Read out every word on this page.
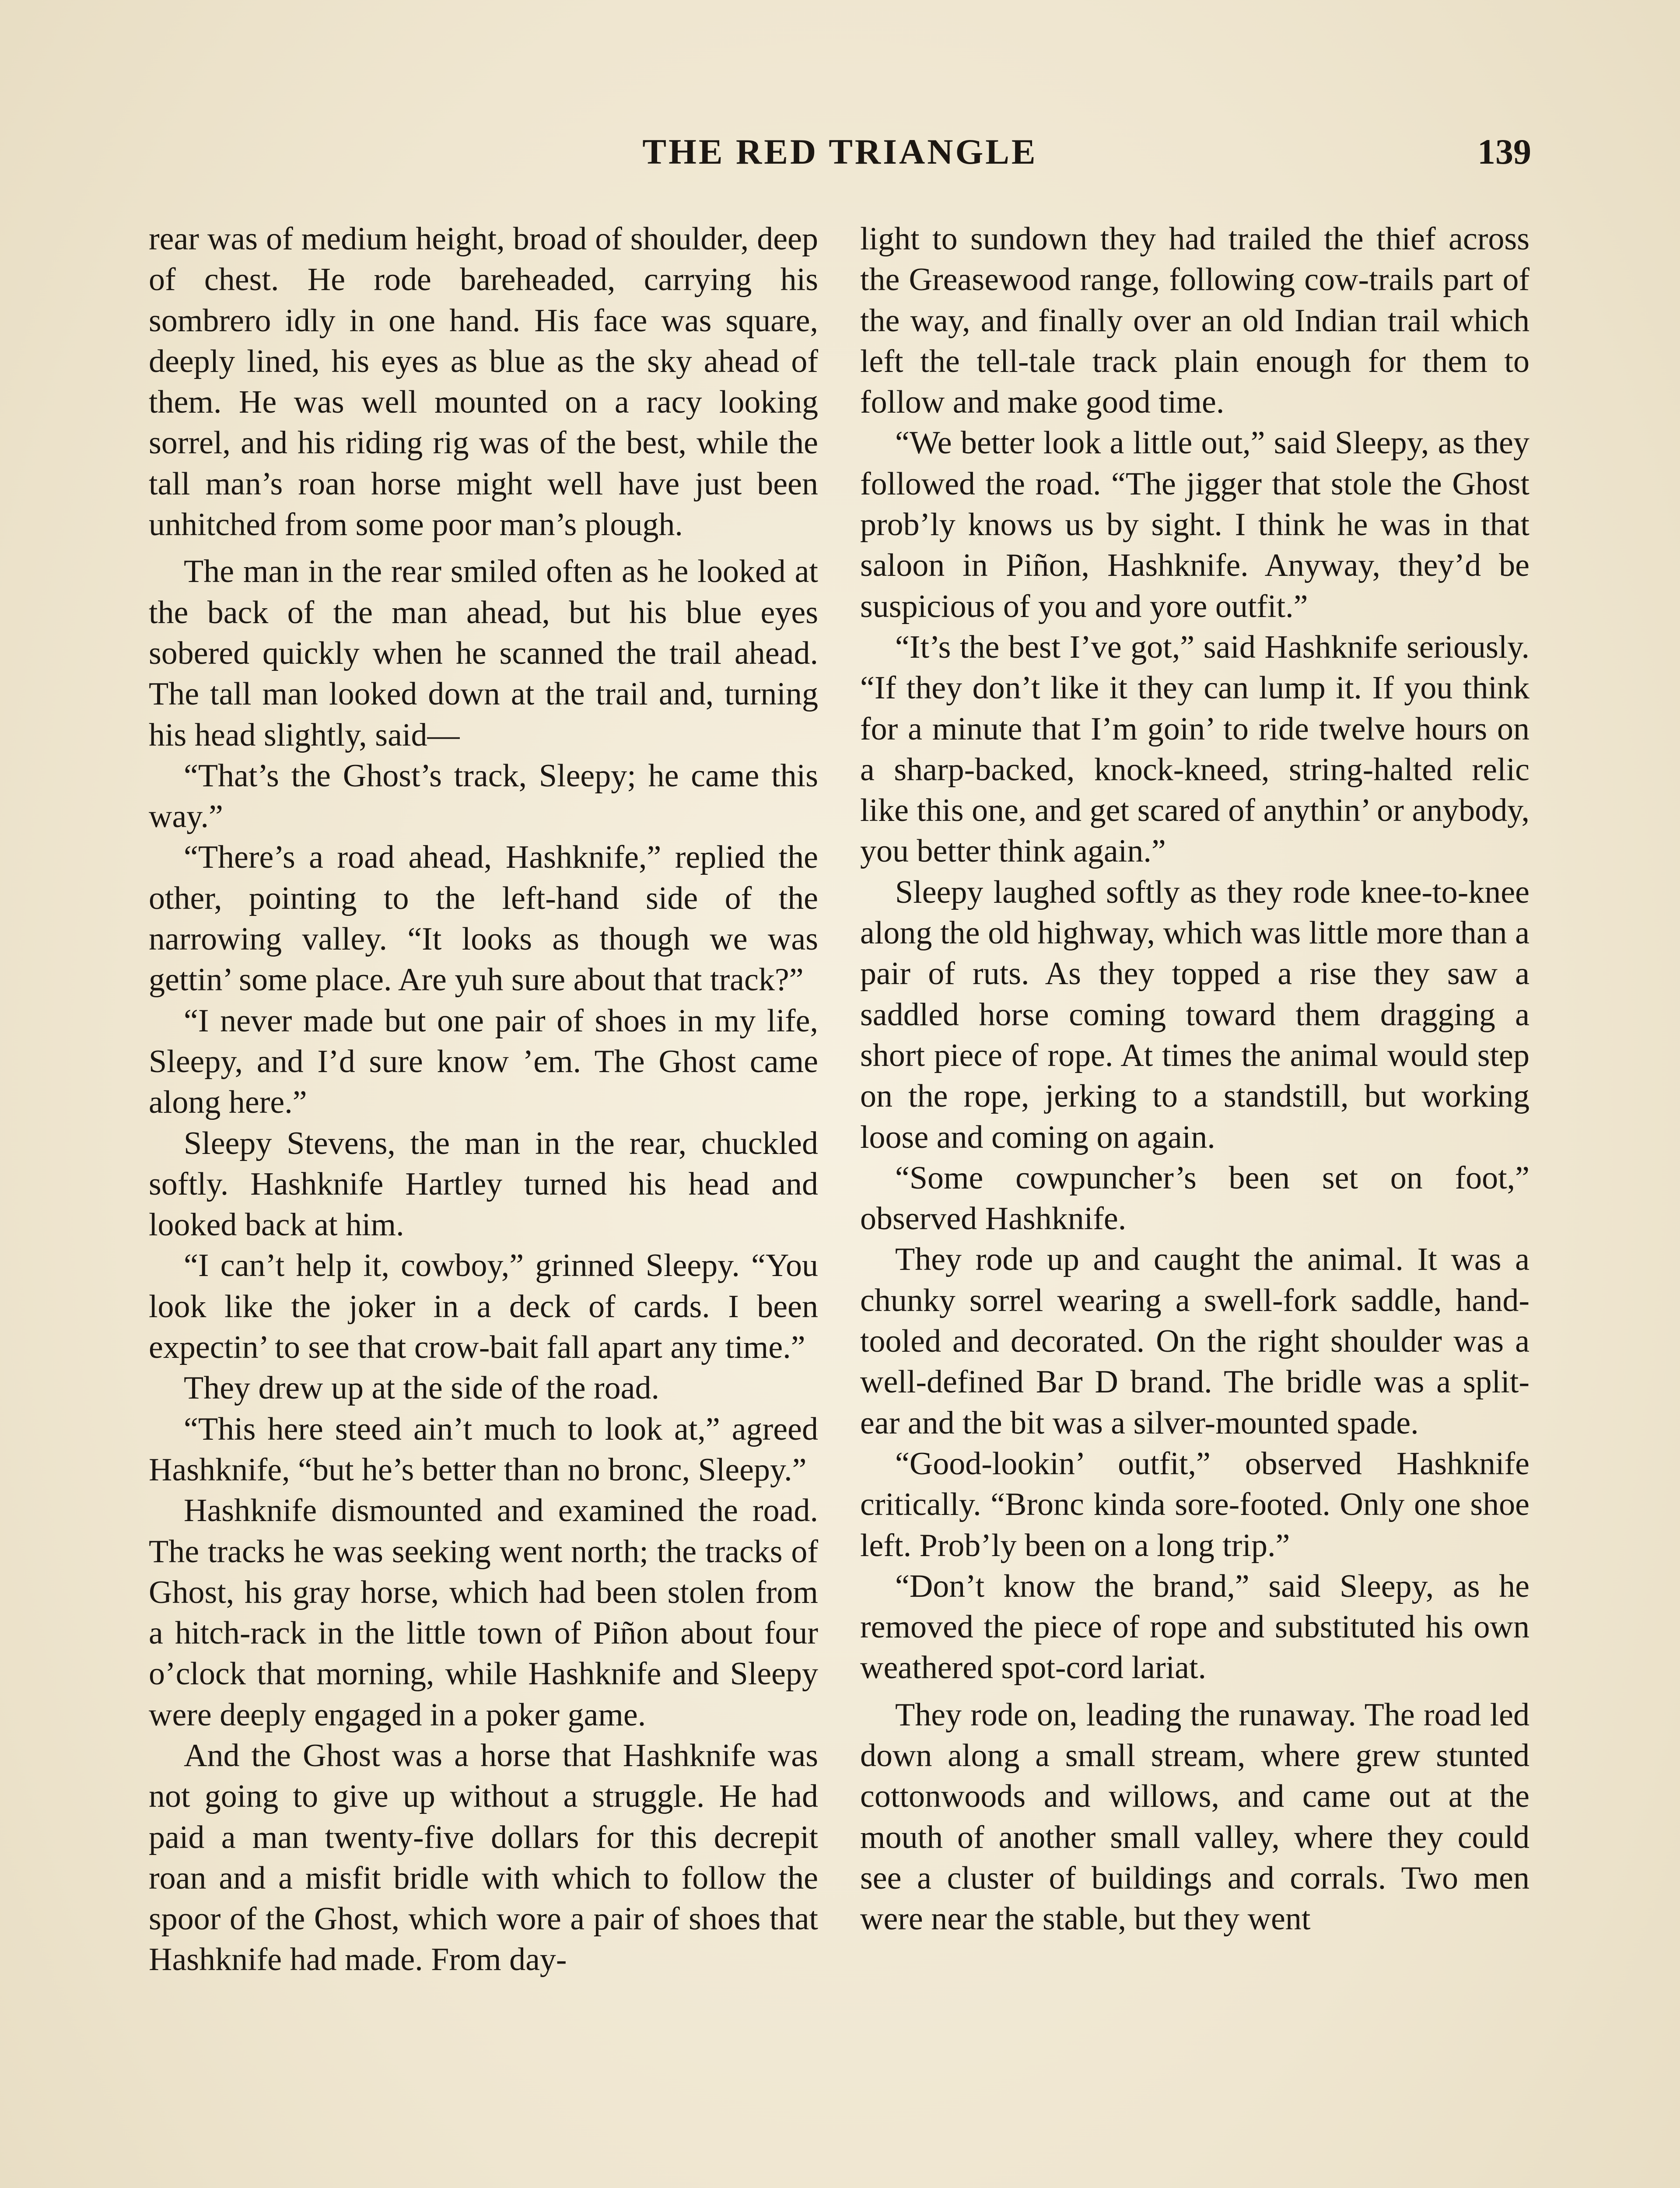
THE RED TRIANGLE	139

rear was of medium height, broad of shoulder, deep of chest. He rode bareheaded, carrying his sombrero idly in one hand. His face was square, deeply lined, his eyes as blue as the sky ahead of them. He was well mounted on a racy looking sorrel, and his riding rig was of the best, while the tall man’s roan horse might well have just been unhitched from some poor man’s plough.

The man in the rear smiled often as he looked at the back of the man ahead, but his blue eyes sobered quickly when he scanned the trail ahead. The tall man looked down at the trail and, turning his head slightly, said—

“That’s the Ghost’s track, Sleepy; he came this way.”

“There’s a road ahead, Hashknife,” replied the other, pointing to the left-hand side of the narrowing valley. “It looks as though we was gettin’ some place. Are yuh sure about that track?”

“I never made but one pair of shoes in my life, Sleepy, and I’d sure know ’em. The Ghost came along here.”

Sleepy Stevens, the man in the rear, chuckled softly. Hashknife Hartley turned his head and looked back at him.

“I can’t help it, cowboy,” grinned Sleepy. “You look like the joker in a deck of cards. I been expectin’ to see that crow-bait fall apart any time.”

They drew up at the side of the road.

“This here steed ain’t much to look at,” agreed Hashknife, “but he’s better than no bronc, Sleepy.”

Hashknife dismounted and examined the road. The tracks he was seeking went north; the tracks of Ghost, his gray horse, which had been stolen from a hitch-rack in the little town of Piñon about four o’clock that morning, while Hashknife and Sleepy were deeply engaged in a poker game.

And the Ghost was a horse that Hashknife was not going to give up without a struggle. He had paid a man twenty-five dollars for this decrepit roan and a misfit bridle with which to follow the spoor of the Ghost, which wore a pair of shoes that Hashknife had made. From day-

light to sundown they had trailed the thief across the Greasewood range, following cow-trails part of the way, and finally over an old Indian trail which left the tell-tale track plain enough for them to follow and make good time.

“We better look a little out,” said Sleepy, as they followed the road. “The jigger that stole the Ghost prob’ly knows us by sight. I think he was in that saloon in Piñon, Hashknife. Anyway, they’d be suspicious of you and yore outfit.”

“It’s the best I’ve got,” said Hashknife seriously. “If they don’t like it they can lump it. If you think for a minute that I’m goin’ to ride twelve hours on a sharp-backed, knock-kneed, string-halted relic like this one, and get scared of anythin’ or anybody, you better think again.”

Sleepy laughed softly as they rode knee-to-knee along the old highway, which was little more than a pair of ruts. As they topped a rise they saw a saddled horse coming toward them dragging a short piece of rope. At times the animal would step on the rope, jerking to a standstill, but working loose and coming on again.

“Some cowpuncher’s been set on foot,” observed Hashknife.

They rode up and caught the animal. It was a chunky sorrel wearing a swell-fork saddle, hand-tooled and decorated. On the right shoulder was a well-defined Bar D brand. The bridle was a split-ear and the bit was a silver-mounted spade.

“Good-lookin’ outfit,” observed Hashknife critically. “Bronc kinda sore-footed. Only one shoe left. Prob’ly been on a long trip.”

“Don’t know the brand,” said Sleepy, as he removed the piece of rope and substituted his own weathered spot-cord lariat.

They rode on, leading the runaway. The road led down along a small stream, where grew stunted cottonwoods and willows, and came out at the mouth of another small valley, where they could see a cluster of buildings and corrals. Two men were near the stable, but they went
